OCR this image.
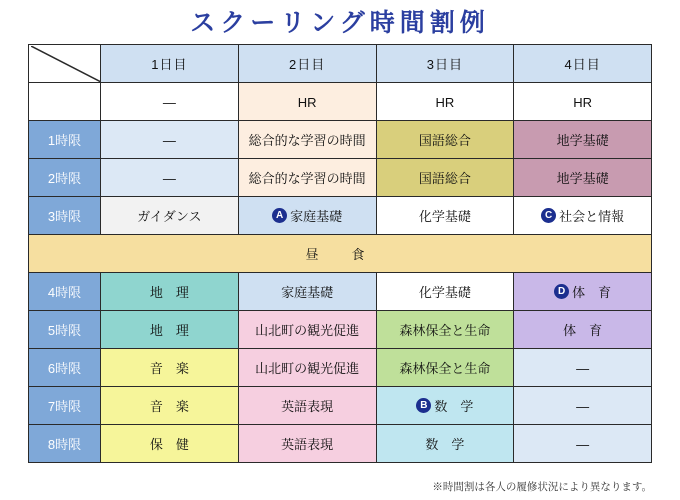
スクーリング時間割例
	1日目	2日目	3日目	4日目
	—	HR	HR	HR
1時限	—	総合的な学習の時間	国語総合	地学基礎
2時限	—	総合的な学習の時間	国語総合	地学基礎
3時限	ガイダンス	A 家庭基礎	化学基礎	C 社会と情報
昼　食				
4時限	地　理	家庭基礎	化学基礎	D 体　育
5時限	地　理	山北町の観光促進	森林保全と生命	体　育
6時限	音　楽	山北町の観光促進	森林保全と生命	—
7時限	音　楽	英語表現	B 数　学	—
8時限	保　健	英語表現	数　学	—
※時間割は各人の履修状況により異なります。
